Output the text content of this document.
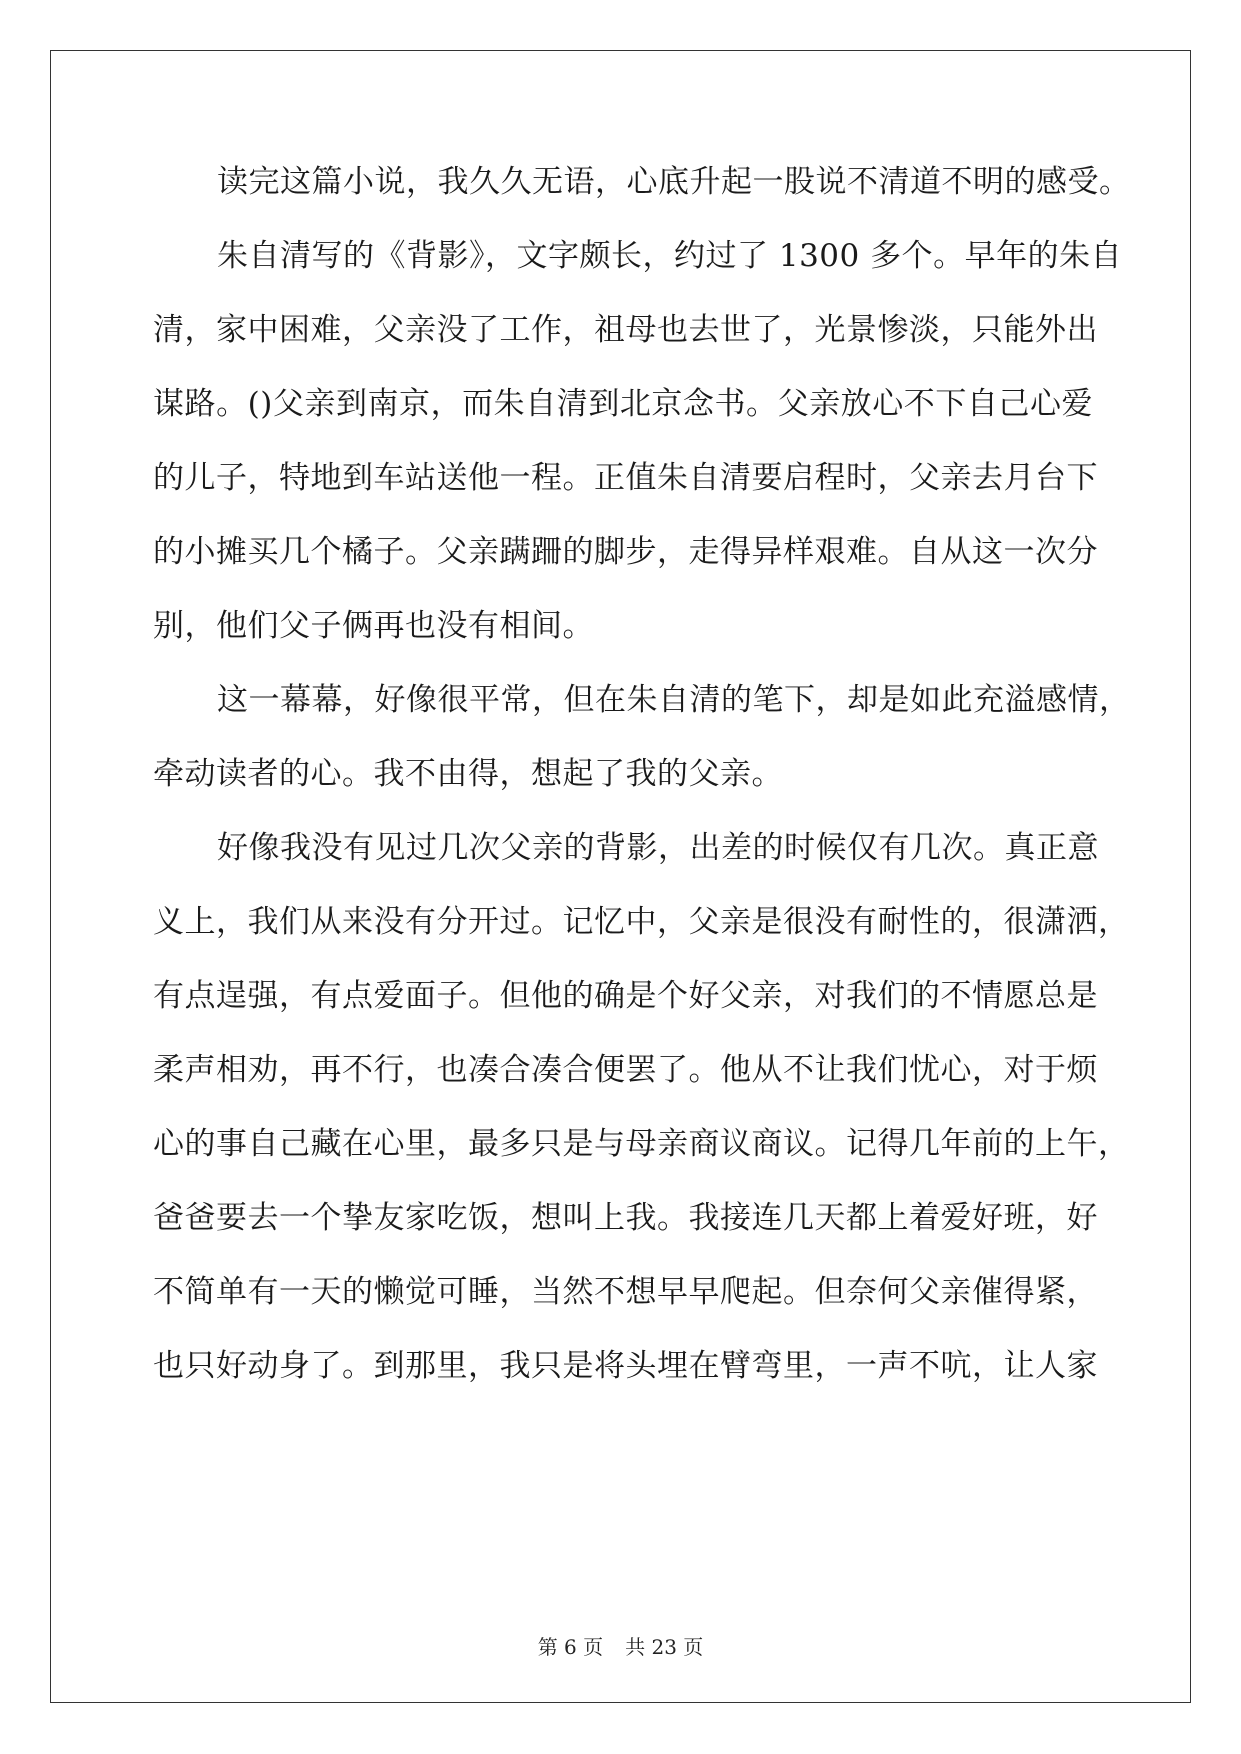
读完这篇小说，我久久无语，心底升起一股说不清道不明的感受。
朱自清写的《背影》，文字颇长，约过了 1300 多个。早年的朱自
清，家中困难，父亲没了工作，祖母也去世了，光景惨淡，只能外出
谋路。()父亲到南京，而朱自清到北京念书。父亲放心不下自己心爱
的儿子，特地到车站送他一程。正值朱自清要启程时，父亲去月台下
的小摊买几个橘子。父亲蹒跚的脚步，走得异样艰难。自从这一次分
别，他们父子俩再也没有相间。
这一幕幕，好像很平常，但在朱自清的笔下，却是如此充溢感情，
牵动读者的心。我不由得，想起了我的父亲。
好像我没有见过几次父亲的背影，出差的时候仅有几次。真正意
义上，我们从来没有分开过。记忆中，父亲是很没有耐性的，很潇洒，
有点逞强，有点爱面子。但他的确是个好父亲，对我们的不情愿总是
柔声相劝，再不行，也凑合凑合便罢了。他从不让我们忧心，对于烦
心的事自己藏在心里，最多只是与母亲商议商议。记得几年前的上午，
爸爸要去一个挚友家吃饭，想叫上我。我接连几天都上着爱好班，好
不简单有一天的懒觉可睡，当然不想早早爬起。但奈何父亲催得紧，
也只好动身了。到那里，我只是将头埋在臂弯里，一声不吭，让人家
第 6 页 共 23 页
